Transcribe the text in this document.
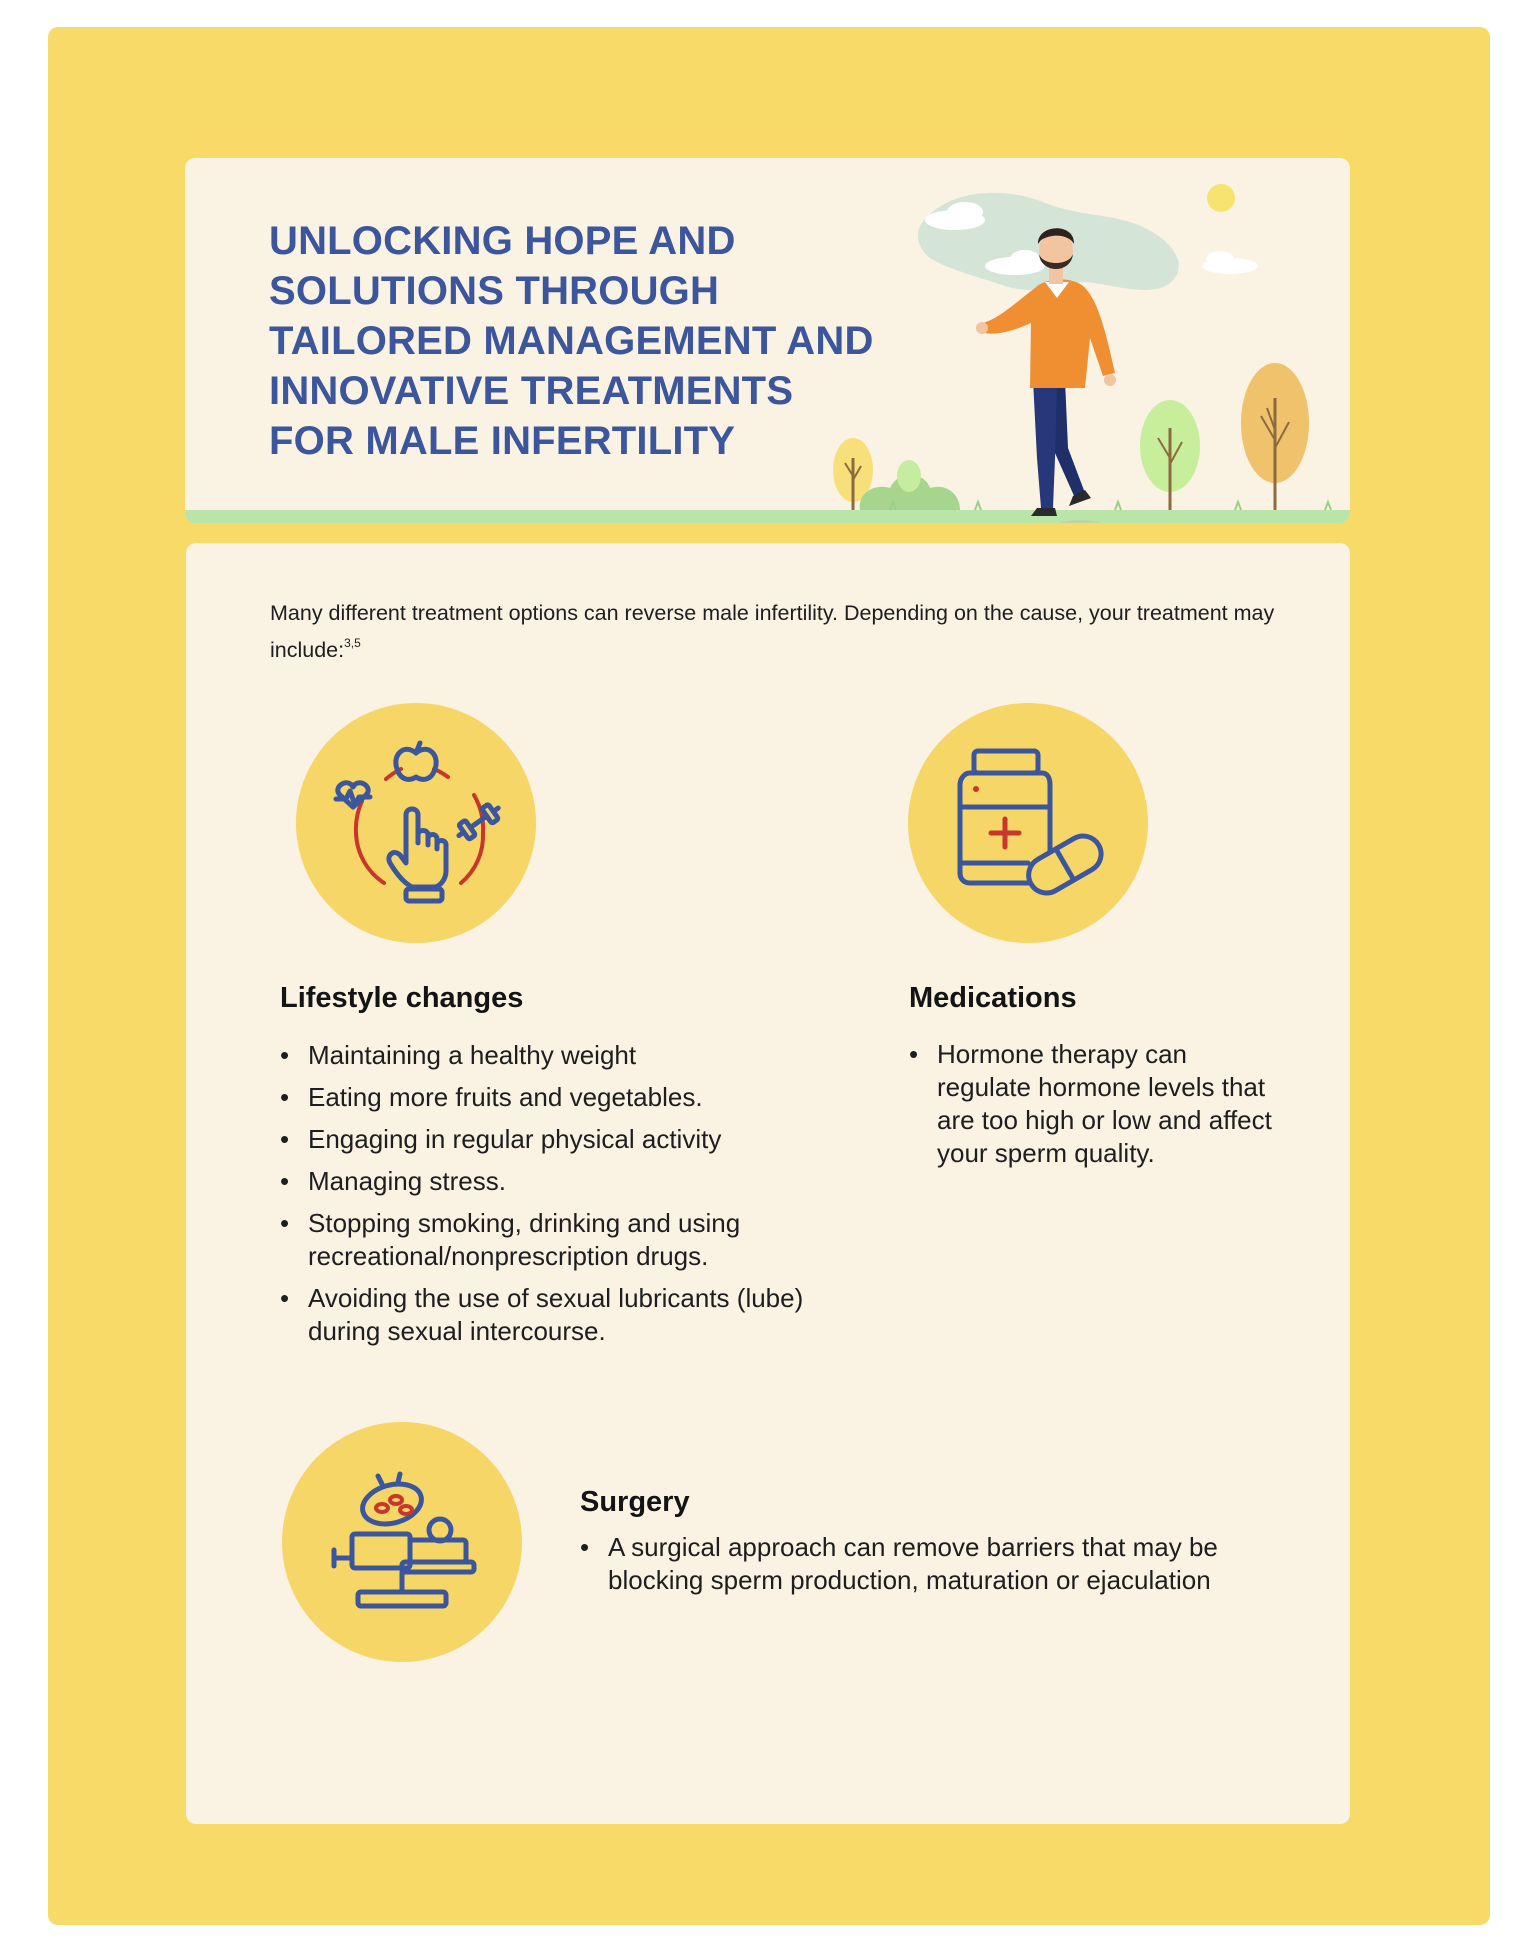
UNLOCKING HOPE AND
SOLUTIONS THROUGH
TAILORED MANAGEMENT AND
INNOVATIVE TREATMENTS
FOR MALE INFERTILITY

Many different treatment options can reverse male infertility. Depending on the cause, your treatment may include:$^{3,5}$

Lifestyle changes
• Maintaining a healthy weight
• Eating more fruits and vegetables.
• Engaging in regular physical activity
• Managing stress.
• Stopping smoking, drinking and using recreational/nonprescription drugs.
• Avoiding the use of sexual lubricants (lube) during sexual intercourse.
Medications
• Hormone therapy can regulate hormone levels that are too high or low and affect your sperm quality.
Surgery
• A surgical approach can remove barriers that may be blocking sperm production, maturation or ejaculation
